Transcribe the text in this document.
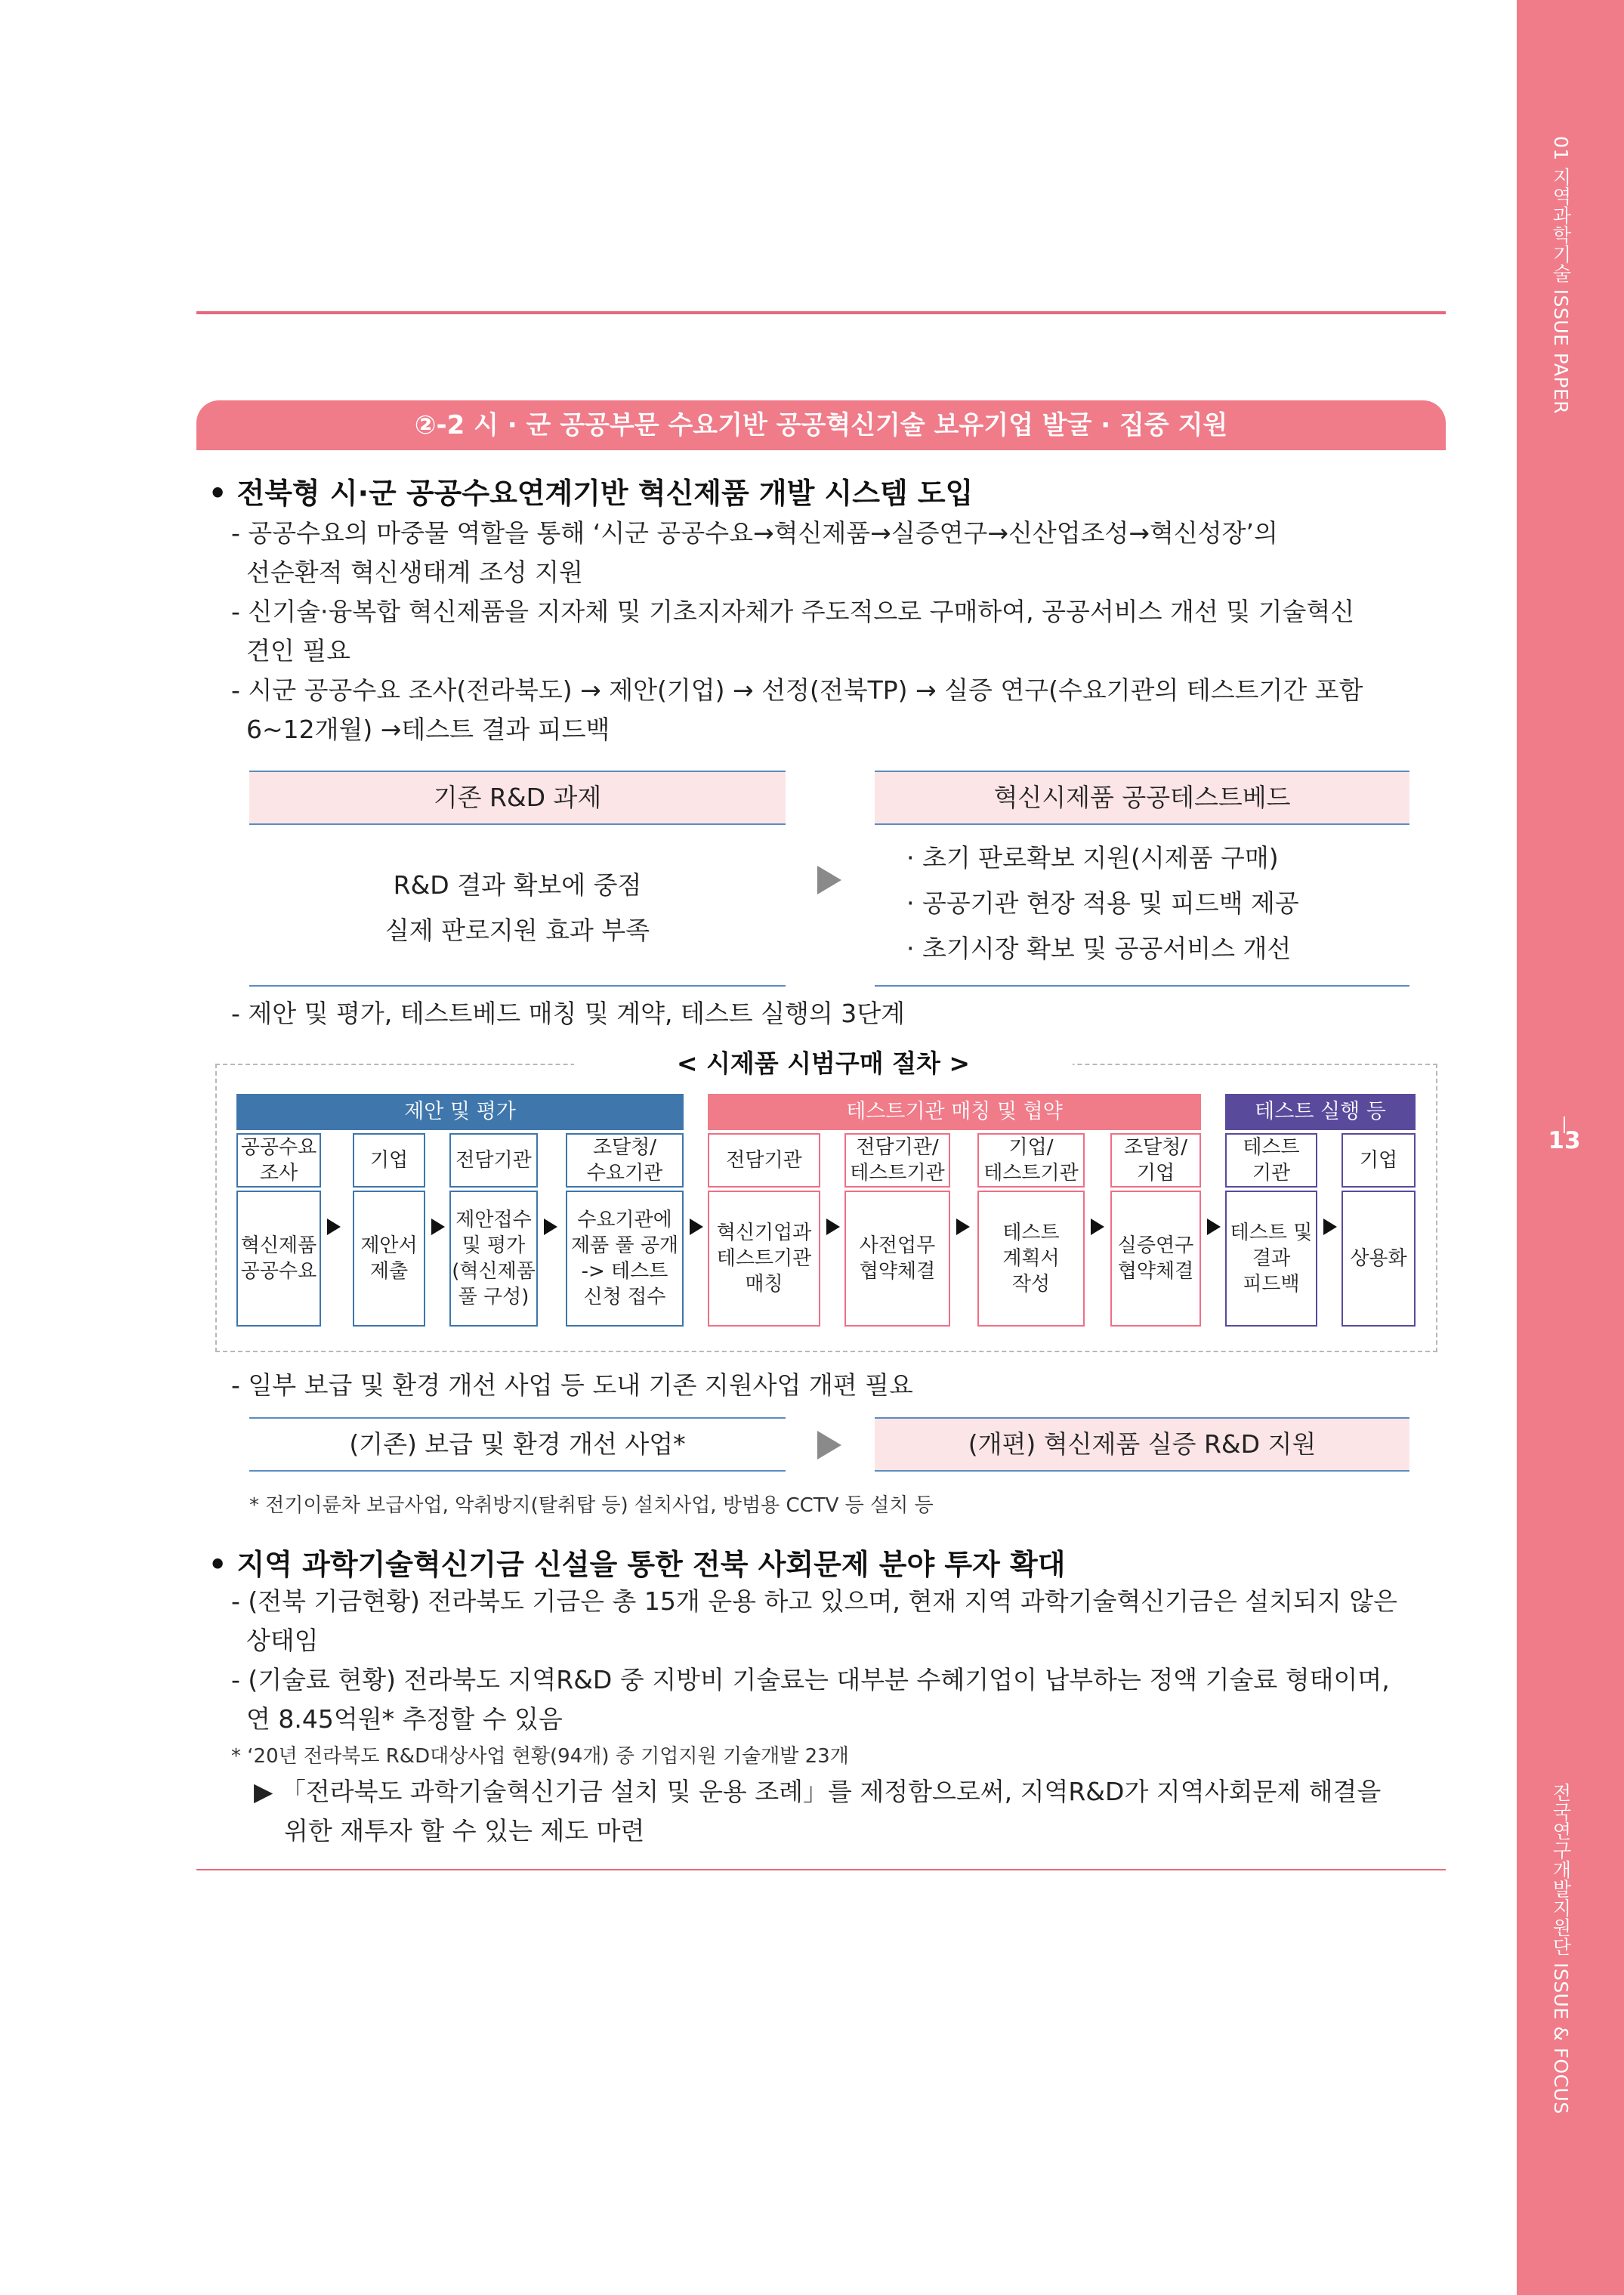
01 지역과학기술 ISSUE PAPER
13
전국연구개발지원단 ISSUE & FOCUS
②-2 시 · 군 공공부문 수요기반 공공혁신기술 보유기업 발굴 · 집중 지원
• 전북형 시·군 공공수요연계기반 혁신제품 개발 시스템 도입
- 공공수요의 마중물 역할을 통해 ‘시군 공공수요→혁신제품→실증연구→신산업조성→혁신성장’의
선순환적 혁신생태계 조성 지원
- 신기술·융복합 혁신제품을 지자체 및 기초지자체가 주도적으로 구매하여, 공공서비스 개선 및 기술혁신
견인 필요
- 시군 공공수요 조사(전라북도) → 제안(기업) → 선정(전북TP) → 실증 연구(수요기관의 테스트기간 포함
6~12개월) →테스트 결과 피드백
기존 R&D 과제	혁신시제품 공공테스트베드
R&D 결과 확보에 중점
실제 판로지원 효과 부족
· 초기 판로확보 지원(시제품 구매)
· 공공기관 현장 적용 및 피드백 제공
· 초기시장 확보 및 공공서비스 개선
- 제안 및 평가, 테스트베드 매칭 및 계약, 테스트 실행의 3단계
< 시제품 시범구매 절차 >
제안 및 평가	테스트기관 매칭 및 협약	테스트 실행 등
공공수요
조사
혁신제품
공공수요
기업
제안서
제출
전담기관
제안접수
및 평가
(혁신제품
풀 구성)
조달청/
수요기관
수요기관에
제품 풀 공개
-> 테스트
신청 접수
전담기관
혁신기업과
테스트기관
매칭
전담기관/
테스트기관
사전업무
협약체결
기업/
테스트기관
테스트
계획서
작성
조달청/
기업
실증연구
협약체결
테스트
기관
테스트 및
결과
피드백
기업
상용화
- 일부 보급 및 환경 개선 사업 등 도내 기존 지원사업 개편 필요
(기존) 보급 및 환경 개선 사업*	(개편) 혁신제품 실증 R&D 지원
* 전기이륜차 보급사업, 악취방지(탈취탑 등) 설치사업, 방범용 CCTV 등 설치 등
• 지역 과학기술혁신기금 신설을 통한 전북 사회문제 분야 투자 확대
- (전북 기금현황) 전라북도 기금은 총 15개 운용 하고 있으며, 현재 지역 과학기술혁신기금은 설치되지 않은
상태임
- (기술료 현황) 전라북도 지역R&D 중 지방비 기술료는 대부분 수혜기업이 납부하는 정액 기술료 형태이며,
연 8.45억원* 추정할 수 있음
* ‘20년 전라북도 R&D대상사업 현황(94개) 중 기업지원 기술개발 23개
▶ 「전라북도 과학기술혁신기금 설치 및 운용 조례」를 제정함으로써, 지역R&D가 지역사회문제 해결을
위한 재투자 할 수 있는 제도 마련
